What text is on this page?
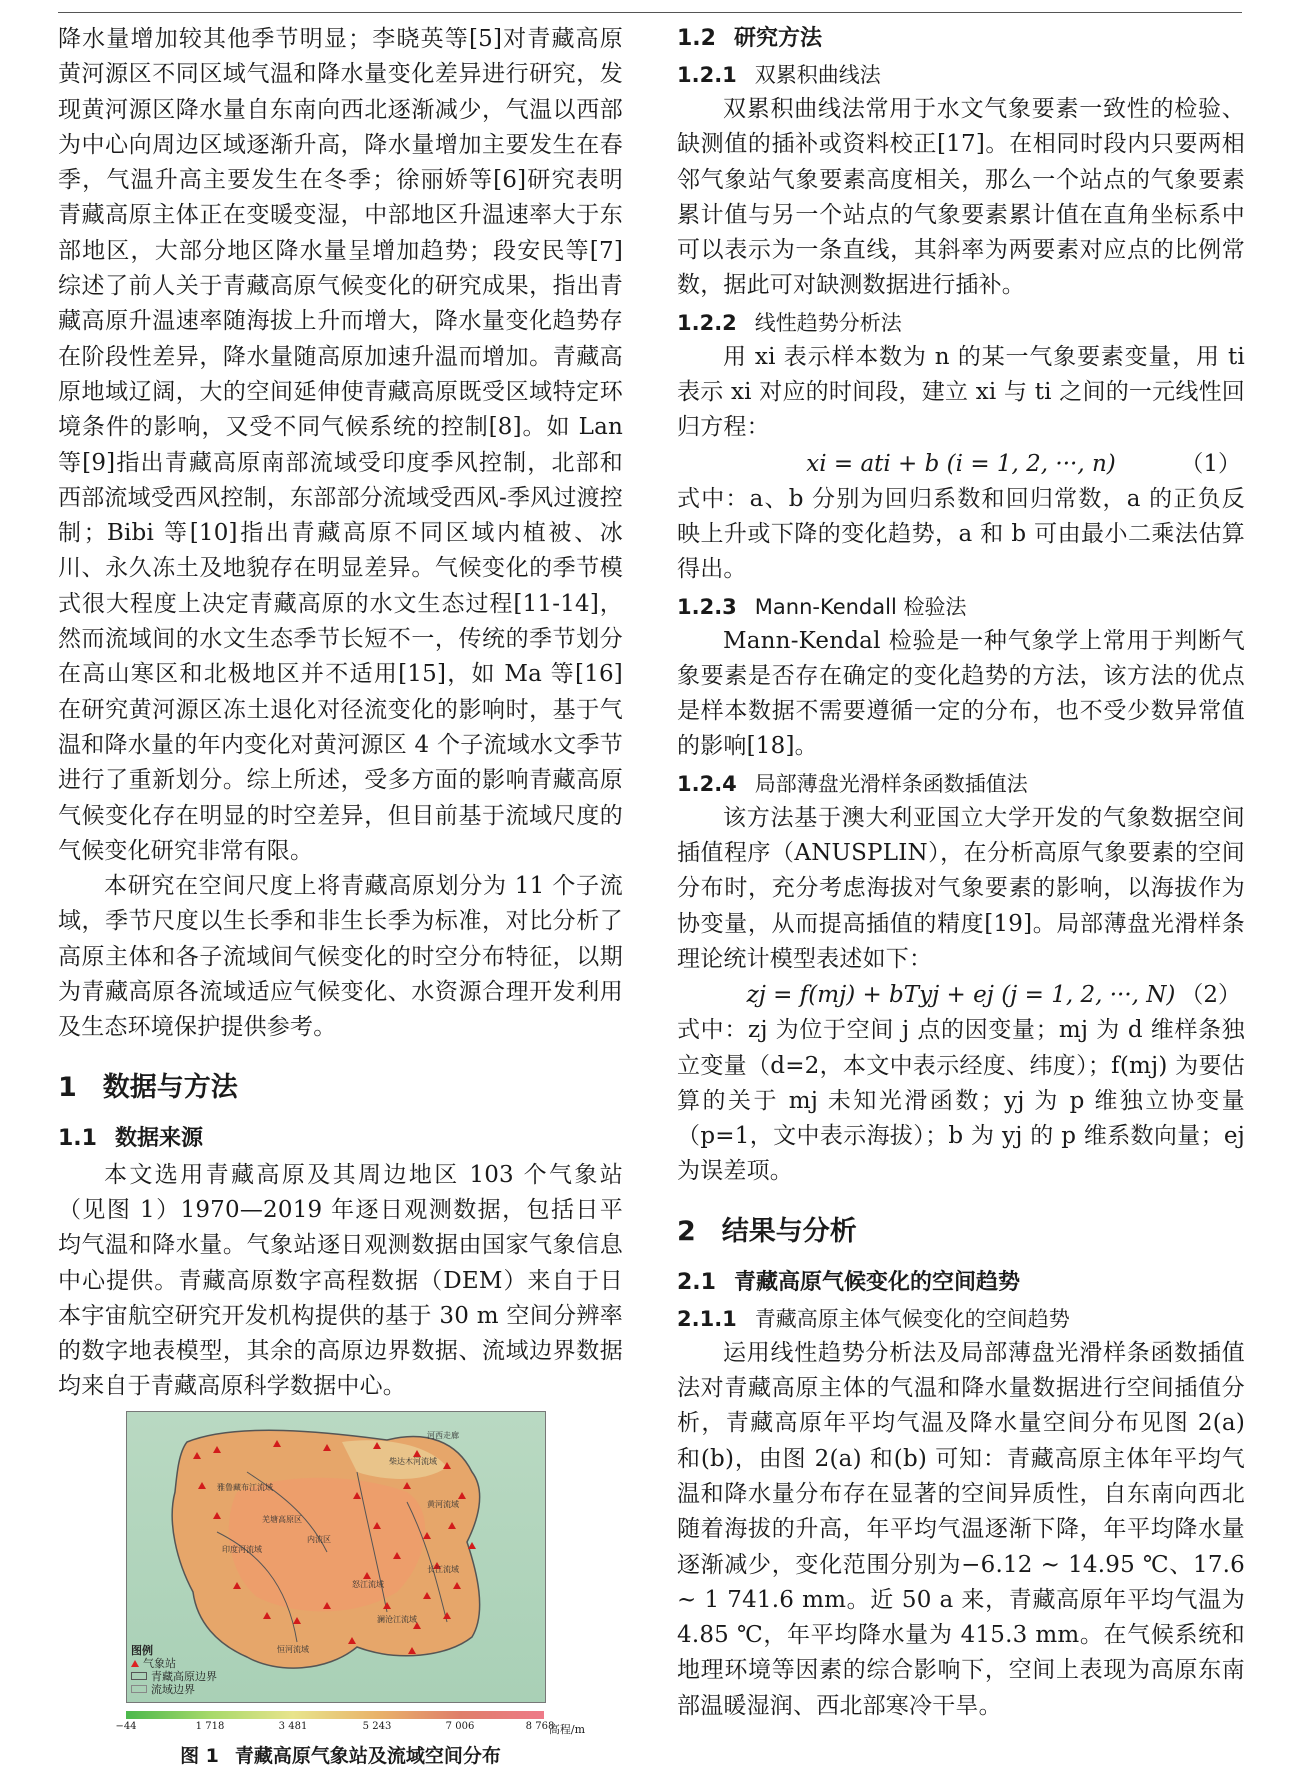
降水量增加较其他季节明显；李晓英等[5]对青藏高原黄河源区不同区域气温和降水量变化差异进行研究，发现黄河源区降水量自东南向西北逐渐减少，气温以西部为中心向周边区域逐渐升高，降水量增加主要发生在春季，气温升高主要发生在冬季；徐丽娇等[6]研究表明青藏高原主体正在变暖变湿，中部地区升温速率大于东部地区，大部分地区降水量呈增加趋势；段安民等[7]综述了前人关于青藏高原气候变化的研究成果，指出青藏高原升温速率随海拔上升而增大，降水量变化趋势存在阶段性差异，降水量随高原加速升温而增加。青藏高原地域辽阔，大的空间延伸使青藏高原既受区域特定环境条件的影响，又受不同气候系统的控制[8]。如 Lan 等[9]指出青藏高原南部流域受印度季风控制，北部和西部流域受西风控制，东部部分流域受西风-季风过渡控制；Bibi 等[10]指出青藏高原不同区域内植被、冰川、永久冻土及地貌存在明显差异。气候变化的季节模式很大程度上决定青藏高原的水文生态过程[11-14]，然而流域间的水文生态季节长短不一，传统的季节划分在高山寒区和北极地区并不适用[15]，如 Ma 等[16]在研究黄河源区冻土退化对径流变化的影响时，基于气温和降水量的年内变化对黄河源区 4 个子流域水文季节进行了重新划分。综上所述，受多方面的影响青藏高原气候变化存在明显的时空差异，但目前基于流域尺度的气候变化研究非常有限。

本研究在空间尺度上将青藏高原划分为 11 个子流域，季节尺度以生长季和非生长季为标准，对比分析了高原主体和各子流域间气候变化的时空分布特征，以期为青藏高原各流域适应气候变化、水资源合理开发利用及生态环境保护提供参考。

1 数据与方法
1.1 数据来源

本文选用青藏高原及其周边地区 103 个气象站（见图 1）1970—2019 年逐日观测数据，包括日平均气温和降水量。气象站逐日观测数据由国家气象信息中心提供。青藏高原数字高程数据（DEM）来自于日本宇宙航空研究开发机构提供的基于 30 m 空间分辨率的数字地表模型，其余的高原边界数据、流域边界数据均来自于青藏高原科学数据中心。

河西走廊
柴达木河流域
雅鲁藏布江流域
羌塘高原区
黄河流域
内流区
长江流域
印度河流域
怒江流域
澜沧江流域
恒河流域
图例
气象站
青藏高原边界
流域边界
−44	1 718	3 481	5 243	7 006	8 768
高程/m
图 1 青藏高原气象站及流域空间分布
1.2 研究方法
1.2.1 双累积曲线法

双累积曲线法常用于水文气象要素一致性的检验、缺测值的插补或资料校正[17]。在相同时段内只要两相邻气象站气象要素高度相关，那么一个站点的气象要素累计值与另一个站点的气象要素累计值在直角坐标系中可以表示为一条直线，其斜率为两要素对应点的比例常数，据此可对缺测数据进行插补。

1.2.2 线性趋势分析法

用 xi 表示样本数为 n 的某一气象要素变量，用 ti 表示 xi 对应的时间段，建立 xi 与 ti 之间的一元线性回归方程：

xi = ati + b (i = 1, 2, ···, n)	（1）

式中：a、b 分别为回归系数和回归常数，a 的正负反映上升或下降的变化趋势，a 和 b 可由最小二乘法估算得出。

1.2.3 Mann-Kendall 检验法

Mann-Kendal 检验是一种气象学上常用于判断气象要素是否存在确定的变化趋势的方法，该方法的优点是样本数据不需要遵循一定的分布，也不受少数异常值的影响[18]。

1.2.4 局部薄盘光滑样条函数插值法

该方法基于澳大利亚国立大学开发的气象数据空间插值程序（ANUSPLIN），在分析高原气象要素的空间分布时，充分考虑海拔对气象要素的影响，以海拔作为协变量，从而提高插值的精度[19]。局部薄盘光滑样条理论统计模型表述如下：

zj = f(mj) + bTyj + ej (j = 1, 2, ···, N) （2）

式中：zj 为位于空间 j 点的因变量；mj 为 d 维样条独立变量（d=2，本文中表示经度、纬度）；f(mj) 为要估算的关于 mj 未知光滑函数；yj 为 p 维独立协变量（p=1，文中表示海拔）；b 为 yj 的 p 维系数向量；ej 为误差项。

2 结果与分析
2.1 青藏高原气候变化的空间趋势
2.1.1 青藏高原主体气候变化的空间趋势

运用线性趋势分析法及局部薄盘光滑样条函数插值法对青藏高原主体的气温和降水量数据进行空间插值分析，青藏高原年平均气温及降水量空间分布见图 2(a) 和(b)，由图 2(a) 和(b) 可知：青藏高原主体年平均气温和降水量分布存在显著的空间异质性，自东南向西北随着海拔的升高，年平均气温逐渐下降，年平均降水量逐渐减少，变化范围分别为−6.12 ~ 14.95 ℃、17.6 ~ 1 741.6 mm。近 50 a 来，青藏高原年平均气温为 4.85 ℃，年平均降水量为 415.3 mm。在气候系统和地理环境等因素的综合影响下，空间上表现为高原东南部温暖湿润、西北部寒冷干旱。
